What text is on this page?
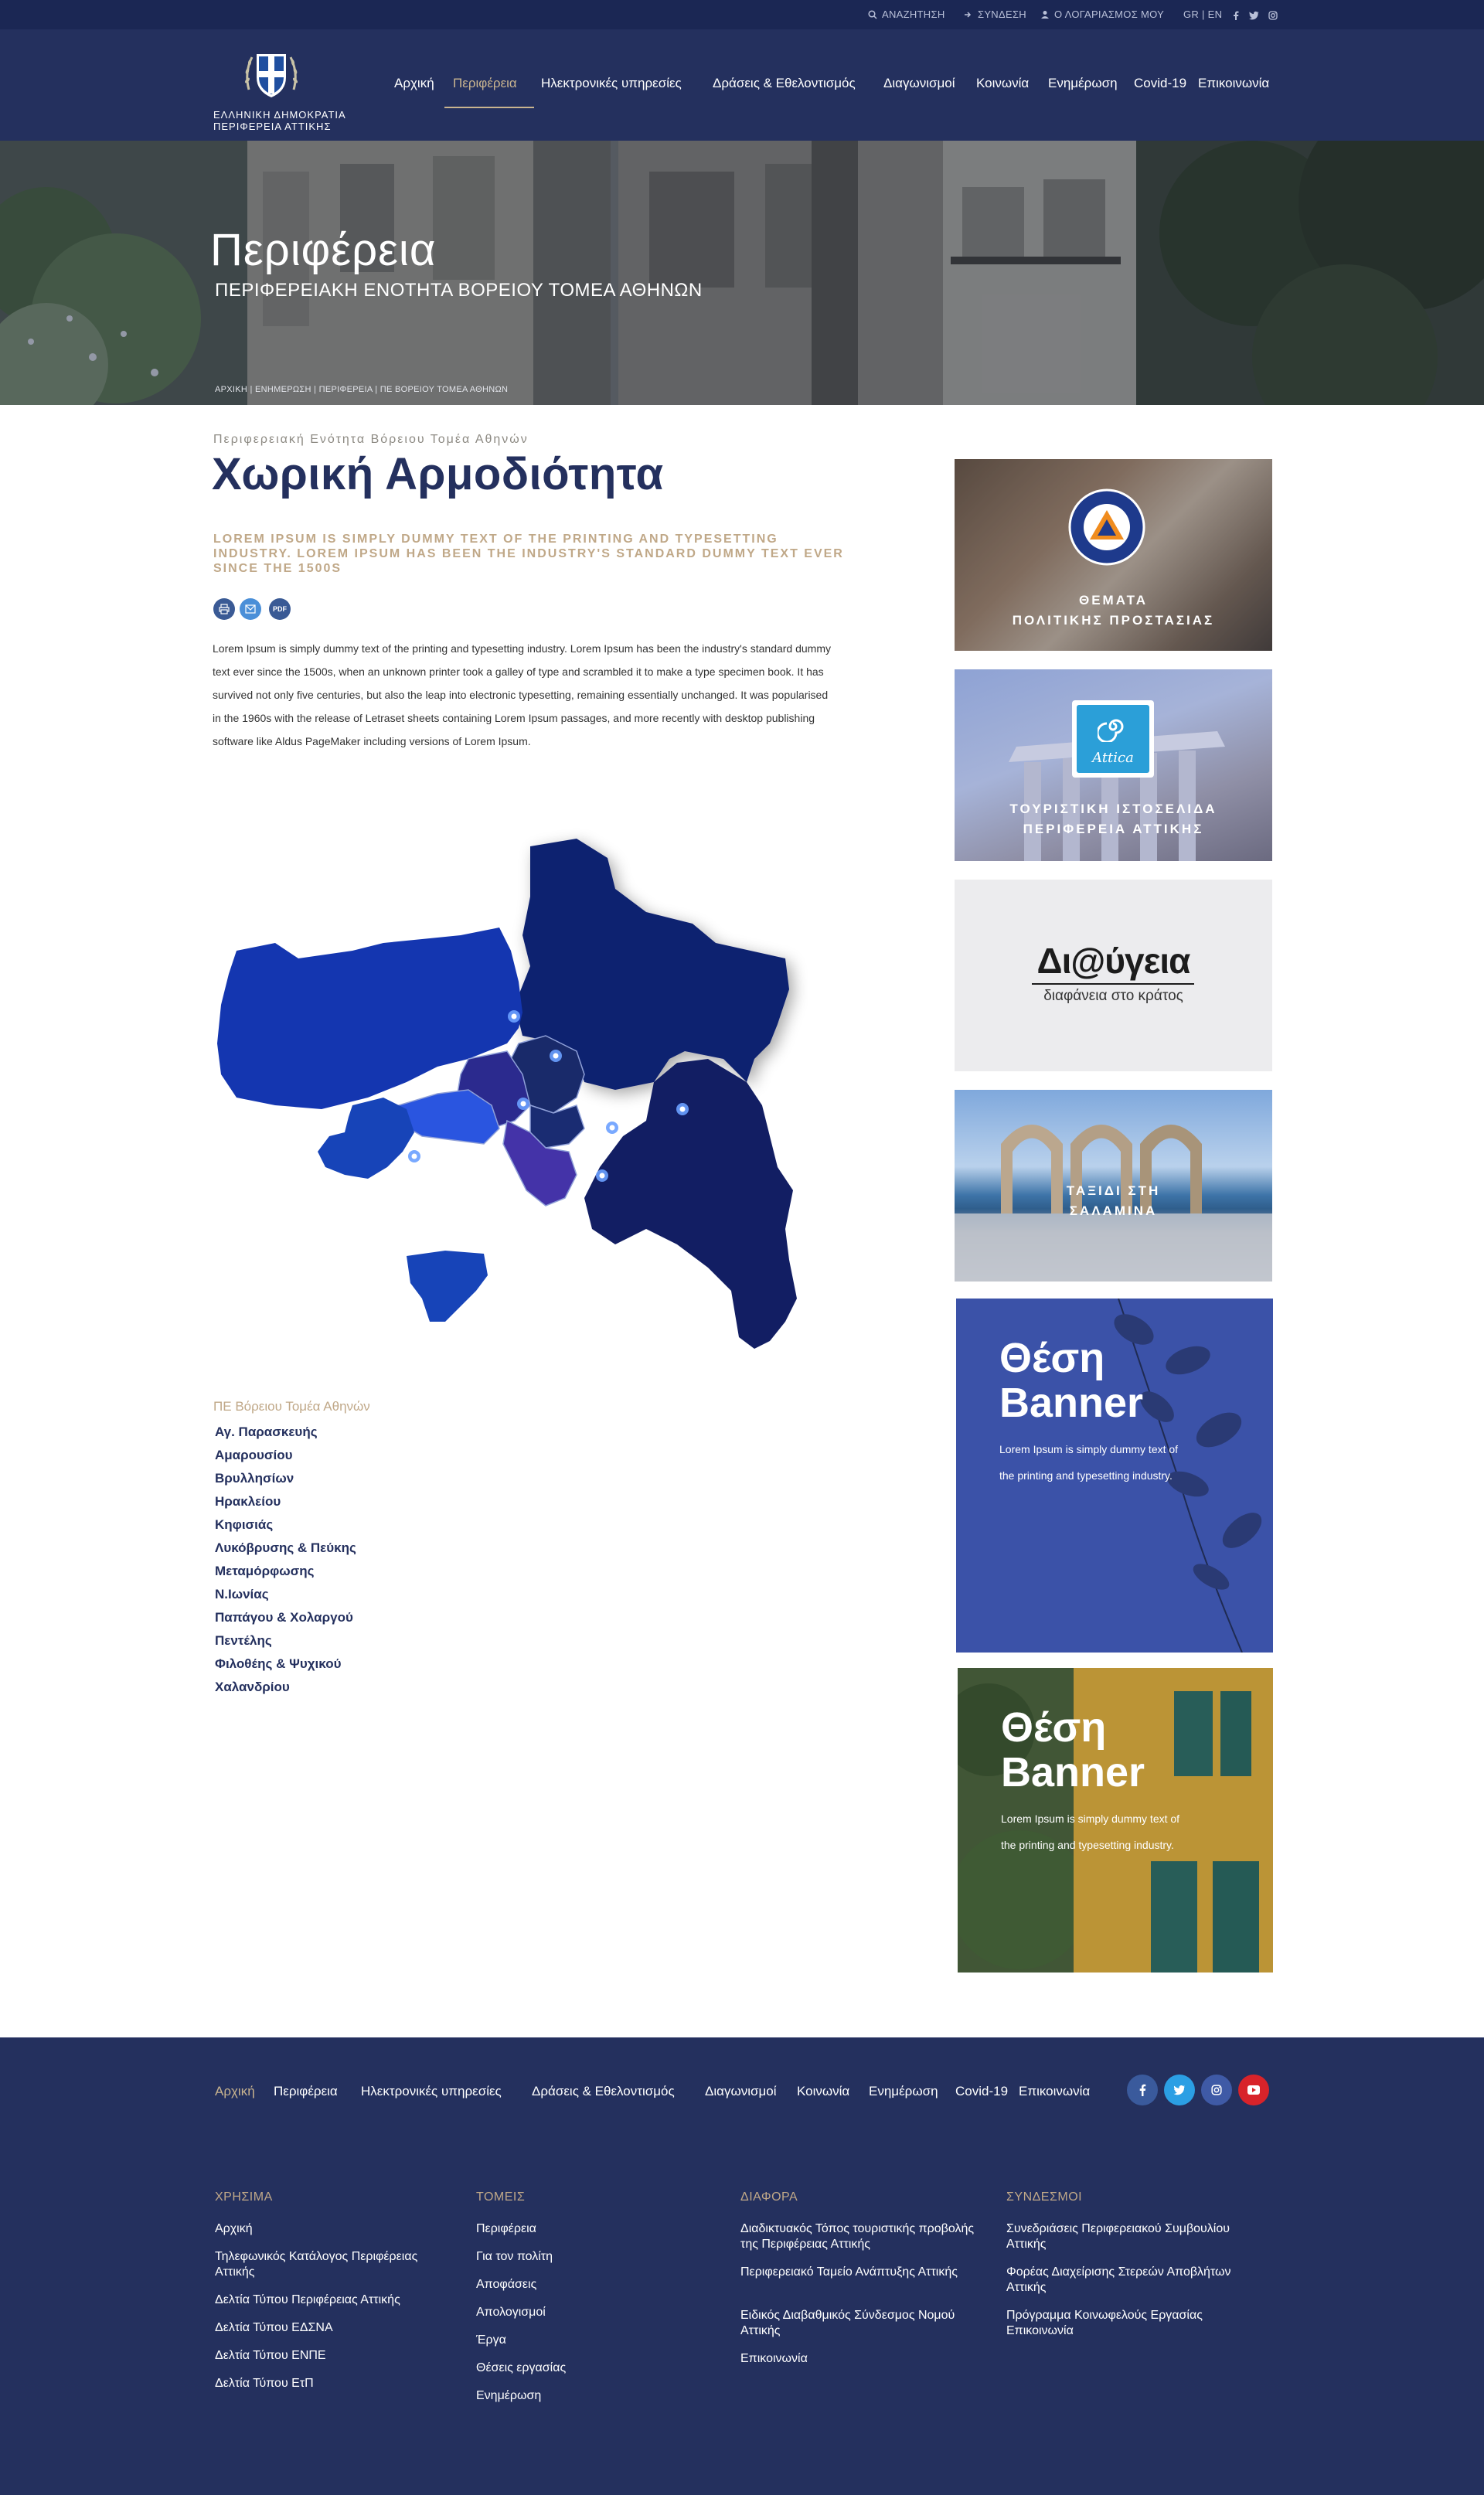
ΑΝΑΖΗΤΗΣΗ	ΣΥΝΔΕΣΗ	Ο ΛΟΓΑΡΙΑΣΜΟΣ ΜΟΥ GR | EN

ΕΛΛΗΝΙΚΗ ΔΗΜΟΚΡΑΤΙΑ
ΠΕΡΙΦΕΡΕΙΑ ΑΤΤΙΚΗΣ
Αρχική Περιφέρεια Ηλεκτρονικές υπηρεσίες Δράσεις & Εθελοντισμός Διαγωνισμοί Κοινωνία Ενημέρωση Covid-19 Επικοινωνία
Περιφέρεια
ΠΕΡΙΦΕΡΕΙΑΚΗ ΕΝΟΤΗΤΑ ΒΟΡΕΙΟΥ ΤΟΜΕΑ ΑΘΗΝΩΝ
ΑΡΧΙΚΗ | ΕΝΗΜΕΡΩΣΗ | ΠΕΡΙΦΕΡΕΙΑ | ΠΕ ΒΟΡΕΙΟΥ ΤΟΜΕΑ ΑΘΗΝΩΝ
Περιφερειακή Ενότητα Βόρειου Τομέα Αθηνών
Χωρική Αρμοδιότητα
LOREM IPSUM IS SIMPLY DUMMY TEXT OF THE PRINTING AND TYPESETTING INDUSTRY. LOREM IPSUM HAS BEEN THE INDUSTRY'S STANDARD DUMMY TEXT EVER SINCE THE 1500S
PDF
Lorem Ipsum is simply dummy text of the printing and typesetting industry. Lorem Ipsum has been the industry's standard dummy text ever since the 1500s, when an unknown printer took a galley of type and scrambled it to make a type specimen book. It has survived not only five centuries, but also the leap into electronic typesetting, remaining essentially unchanged. It was popularised in the 1960s with the release of Letraset sheets containing Lorem Ipsum passages, and more recently with desktop publishing software like Aldus PageMaker including versions of Lorem Ipsum.
ΠΕ Βόρειου Τομέα Αθηνών
Αγ. Παρασκευής
Αμαρουσίου
Βρυλλησίων
Ηρακλείου
Κηφισιάς
Λυκόβρυσης & Πεύκης
Μεταμόρφωσης
Ν.Ιωνίας
Παπάγου & Χολαργού
Πεντέλης
Φιλοθέης & Ψυχικού
Χαλανδρίου
ΘΕΜΑΤΑ
ΠΟΛΙΤΙΚΗΣ ΠΡΟΣΤΑΣΙΑΣ
Attica
ΤΟΥΡΙΣΤΙΚΗ ΙΣΤΟΣΕΛΙΔΑ
ΠΕΡΙΦΕΡΕΙΑ ΑΤΤΙΚΗΣ
Δι@ύγεια
διαφάνεια στο κράτος
ΤΑΞΙΔΙ ΣΤΗ
ΣΑΛΑΜΙΝΑ
Θέση
Banner
Lorem Ipsum is simply dummy text of the printing and typesetting industry.
Θέση
Banner
Lorem Ipsum is simply dummy text of the printing and typesetting industry.
Αρχική Περιφέρεια Ηλεκτρονικές υπηρεσίες Δράσεις & Εθελοντισμός Διαγωνισμοί Κοινωνία Ενημέρωση Covid-19 Επικοινωνία
ΧΡΗΣΙΜΑ
Αρχική
Τηλεφωνικός Κατάλογος Περιφέρειας Αττικής
Δελτία Τύπου Περιφέρειας Αττικής
Δελτία Τύπου ΕΔΣΝΑ
Δελτία Τύπου ΕΝΠΕ
Δελτία Τύπου ΕτΠ
ΤΟΜΕΙΣ
Περιφέρεια
Για τον πολίτη
Αποφάσεις
Απολογισμοί
Έργα
Θέσεις εργασίας
Ενημέρωση
ΔΙΑΦΟΡΑ
Διαδικτυακός Τόπος τουριστικής προβολής της Περιφέρειας Αττικής
Περιφερειακό Ταμείο Ανάπτυξης Αττικής
Ειδικός Διαβαθμικός Σύνδεσμος Νομού Αττικής
Επικοινωνία
ΣΥΝΔΕΣΜΟΙ
Συνεδριάσεις Περιφερειακού Συμβουλίου Αττικής
Φορέας Διαχείρισης Στερεών Αποβλήτων Αττικής
Πρόγραμμα Κοινωφελούς Εργασίας Επικοινωνία
